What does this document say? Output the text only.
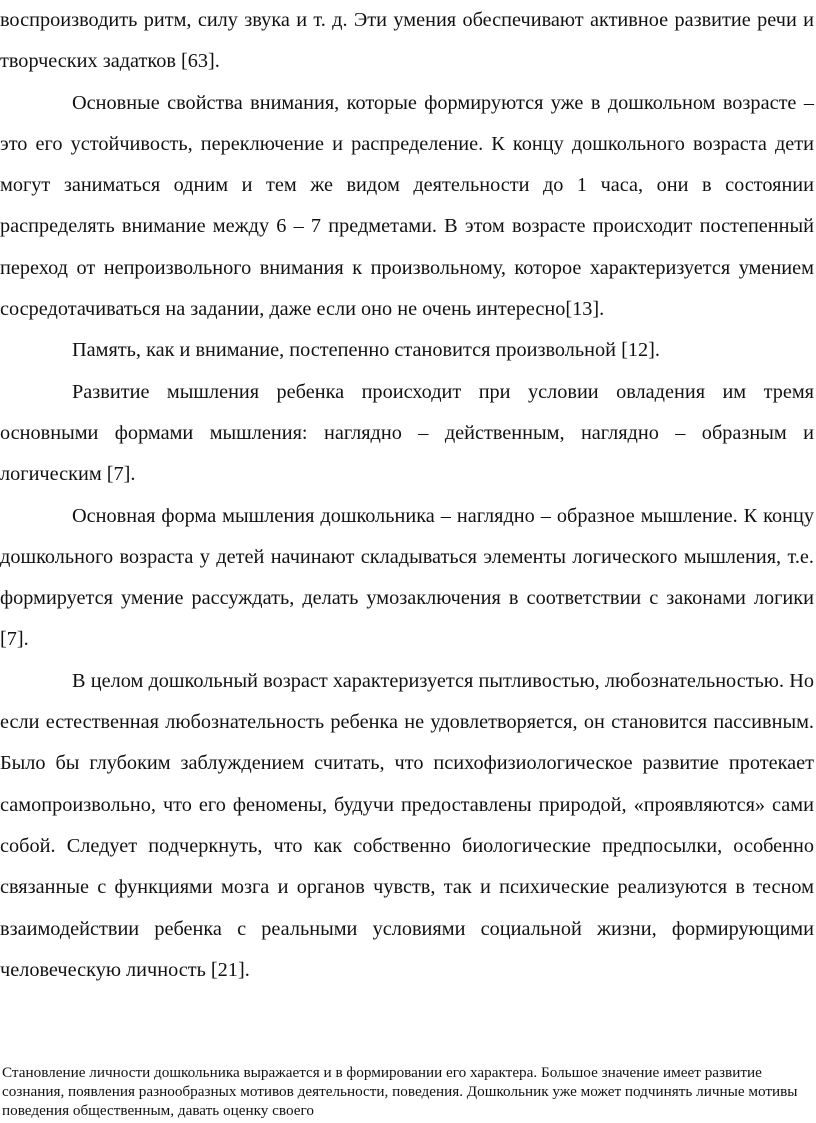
воспроизводить ритм, силу звука и т. д. Эти умения обеспечивают активное развитие речи и творческих задатков [63].

Основные свойства внимания, которые формируются уже в дошкольном возрасте – это его устойчивость, переключение и распределение. К концу дошкольного возраста дети могут заниматься одним и тем же видом деятельности до 1 часа, они в состоянии распределять внимание между 6 – 7 предметами. В этом возрасте происходит постепенный переход от непроизвольного внимания к произвольному, которое характеризуется умением сосредотачиваться на задании, даже если оно не очень интересно[13].

Память, как и внимание, постепенно становится произвольной [12].

Развитие мышления ребенка происходит при условии овладения им тремя основными формами мышления: наглядно – действенным, наглядно – образным и логическим [7].

Основная форма мышления дошкольника – наглядно – образное мышление. К концу дошкольного возраста у детей начинают складываться элементы логического мышления, т.е. формируется умение рассуждать, делать умозаключения в соответствии с законами логики [7].

В целом дошкольный возраст характеризуется пытливостью, любознательностью. Но если естественная любознательность ребенка не удовлетворяется, он становится пассивным. Было бы глубоким заблуждением считать, что психофизиологическое развитие протекает самопроизвольно, что его феномены, будучи предоставлены природой, «проявляются» сами собой. Следует подчеркнуть, что как собственно биологические предпосылки, особенно связанные с функциями мозга и органов чувств, так и психические реализуются в тесном взаимодействии ребенка с реальными условиями социальной жизни, формирующими человеческую личность [21].

Становление личности дошкольника выражается и в формировании его характера. Большое значение имеет развитие сознания, появления разнообразных мотивов деятельности, поведения. Дошкольник уже может подчинять личные мотивы поведения общественным, давать оценку своего
